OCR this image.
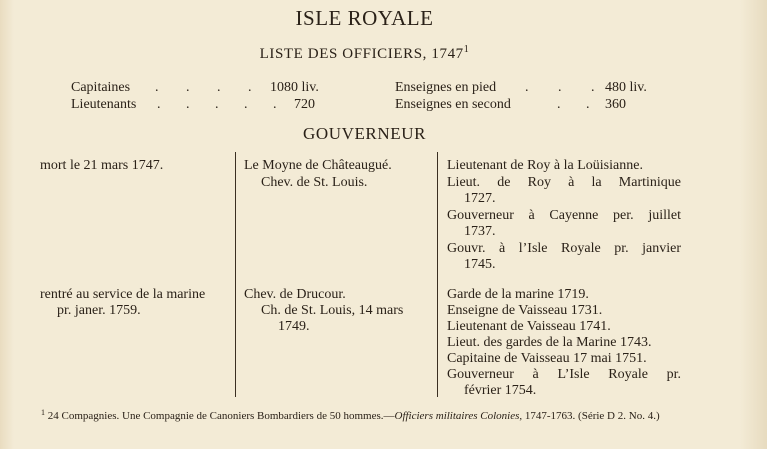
ISLE ROYALE
LISTE DES OFFICIERS, 1747$^1$
Capitaines . . . . 1080 liv.
Lieutenants . . . . . 720
Enseignes en pied . . . 480 liv.
Enseignes en second	. . 360
GOUVERNEUR
mort le 21 mars 1747.	Le Moyne de Châteaugué.
Chev. de St. Louis.
Lieutenant de Roy à la Loüisianne.
Lieut. de Roy à la Martinique
1727.
Gouverneur à Cayenne per. juillet
1737.
Gouvr. à l’Isle Royale pr. janvier
1745.
rentré au service de la marine
pr. janer. 1759.
Chev. de Drucour.
Ch. de St. Louis, 14 mars
1749.
Garde de la marine 1719.
Enseigne de Vaisseau 1731.
Lieutenant de Vaisseau 1741.
Lieut. des gardes de la Marine 1743.
Capitaine de Vaisseau 17 mai 1751.
Gouverneur à L’Isle Royale pr.
février 1754.
$^1$ 24 Compagnies. Une Compagnie de Canoniers Bombardiers de 50 hommes.—Officiers militaires Colonies, 1747-1763. (Série D 2. No. 4.)
